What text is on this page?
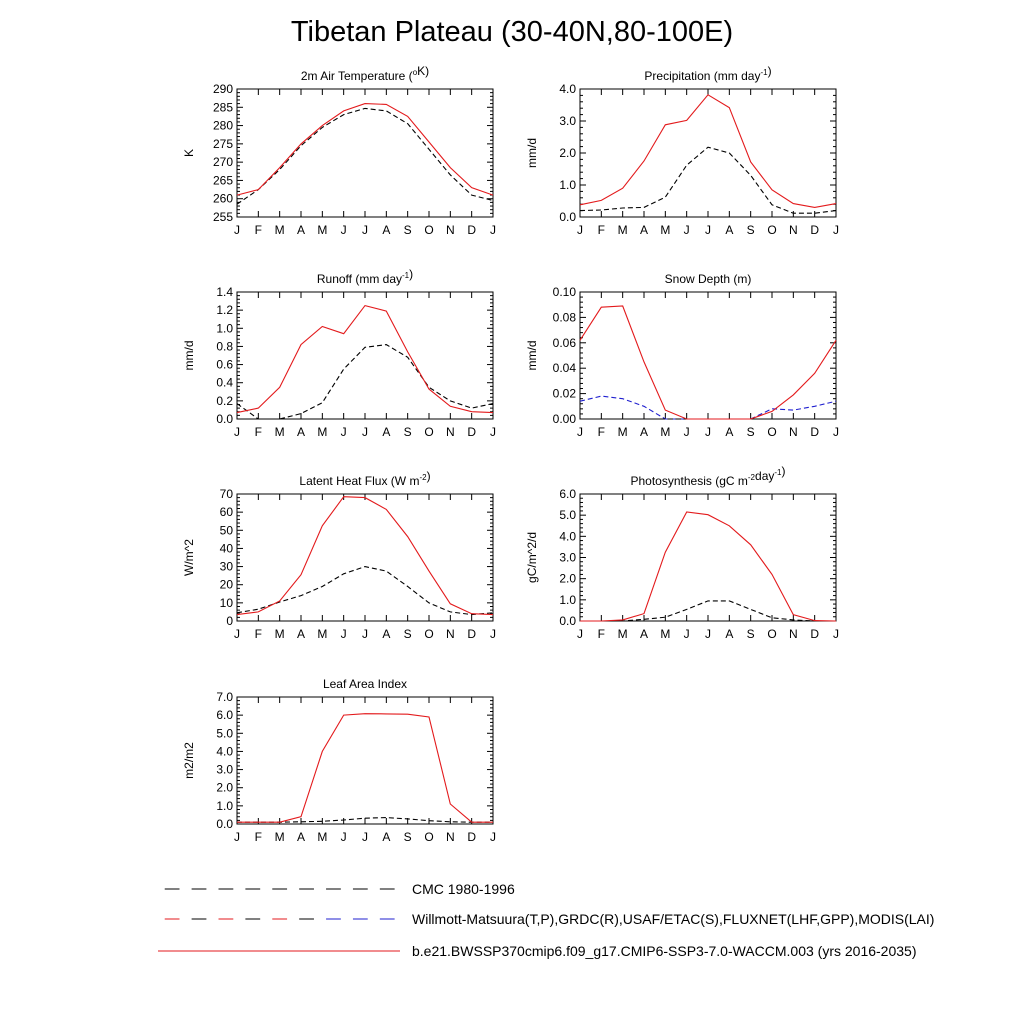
Tibetan Plateau (30-40N,80-100E)
2m Air Temperature ($^o$K)
K
255
260
265
270
275
280
285
290
J F M A M J J A S O N D J
Precipitation (mm day$^{-1}$)
mm/d
0.0
1.0
2.0
3.0
4.0
J F M A M J J A S O N D J
Runoff (mm day$^{-1}$)
mm/d
0.0
0.2
0.4
0.6
0.8
1.0
1.2
1.4
J F M A M J J A S O N D J
Snow Depth (m)
mm/d
0.00
0.02
0.04
0.06
0.08
0.10
J F M A M J J A S O N D J
Latent Heat Flux (W $m^{-2}$)
W/m^2
0
10
20
30
40
50
60
70
J F M A M J J A S O N D J
Photosynthesis (gC $m^{-2}day^{-1}$)
gC/m^2/d
0.0
1.0
2.0
3.0
4.0
5.0
6.0
J F M A M J J A S O N D J
Leaf Area Index
m2/m2
0.0
1.0
2.0
3.0
4.0
5.0
6.0
7.0
J F M A M J J A S O N D J
CMC 1980-1996
Willmott-Matsuura(T,P),GRDC(R),USAF/ETAC(S),FLUXNET(LHF,GPP),MODIS(LAI)
b.e21.BWSSP370cmip6.f09_g17.CMIP6-SSP3-7.0-WACCM.003 (yrs 2016-2035)
